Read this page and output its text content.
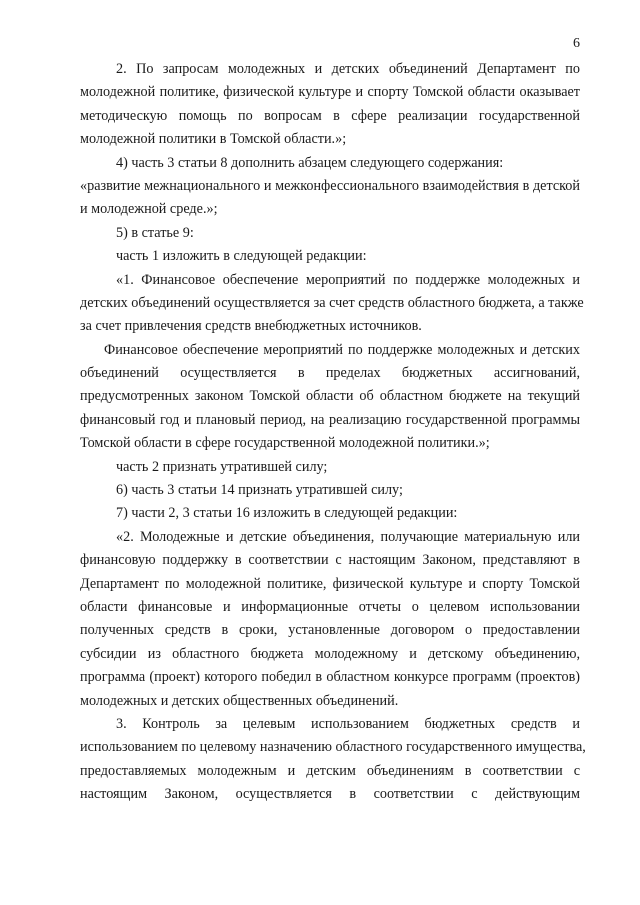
6
2. По запросам молодежных и детских объединений Департамент по
молодежной политике, физической культуре и спорту Томской области оказывает
методическую помощь по вопросам в сфере реализации государственной
молодежной политики в Томской области.»;
4) часть 3 статьи 8 дополнить абзацем следующего содержания:
«развитие межнационального и межконфессионального взаимодействия в детской
и молодежной среде.»;
5) в статье 9:
часть 1 изложить в следующей редакции:
«1. Финансовое обеспечение мероприятий по поддержке молодежных и
детских объединений осуществляется за счет средств областного бюджета, а также
за счет привлечения средств внебюджетных источников.
Финансовое обеспечение мероприятий по поддержке молодежных и детских
объединений осуществляется в пределах бюджетных ассигнований,
предусмотренных законом Томской области об областном бюджете на текущий
финансовый год и плановый период, на реализацию государственной программы
Томской области в сфере государственной молодежной политики.»;
часть 2 признать утратившей силу;
6) часть 3 статьи 14 признать утратившей силу;
7) части 2, 3 статьи 16 изложить в следующей редакции:
«2. Молодежные и детские объединения, получающие материальную или
финансовую поддержку в соответствии с настоящим Законом, представляют в
Департамент по молодежной политике, физической культуре и спорту Томской
области финансовые и информационные отчеты о целевом использовании
полученных средств в сроки, установленные договором о предоставлении
субсидии из областного бюджета молодежному и детскому объединению,
программа (проект) которого победил в областном конкурсе программ (проектов)
молодежных и детских общественных объединений.
3. Контроль за целевым использованием бюджетных средств и
использованием по целевому назначению областного государственного имущества,
предоставляемых молодежным и детским объединениям в соответствии с
настоящим Законом, осуществляется в соответствии с действующим
